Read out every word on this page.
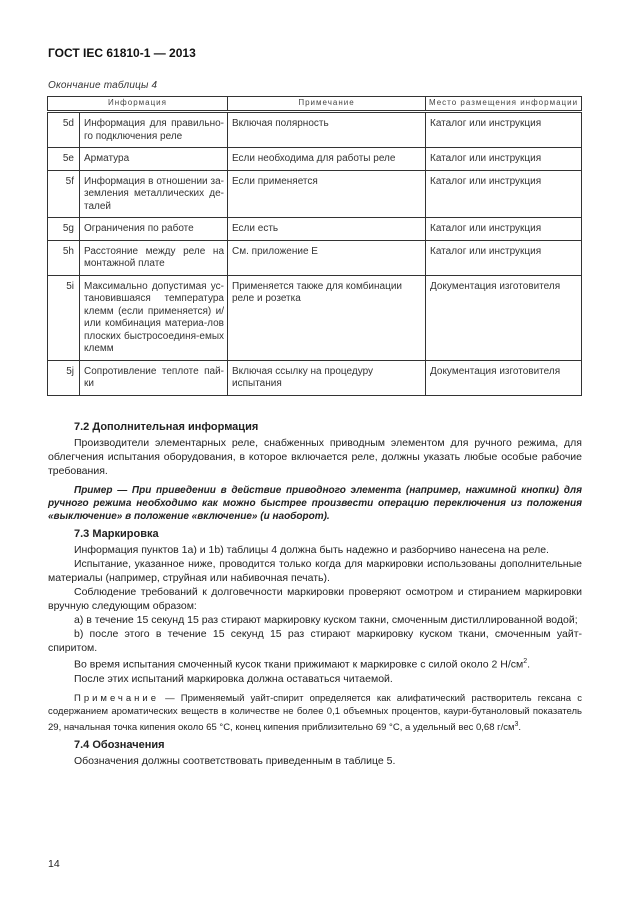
ГОСТ IEC 61810-1 — 2013
Окончание таблицы 4
Информация		Примечание	Место размещения информации
5d	Информация для правильно-го подключения реле	Включая полярность	Каталог или инструкция
5e	Арматура	Если необходима для работы реле	Каталог или инструкция
5f	Информация в отношении за-земления металлических де-талей	Если применяется	Каталог или инструкция
5g	Ограничения по работе	Если есть	Каталог или инструкция
5h	Расстояние между реле на монтажной плате	См. приложение Е	Каталог или инструкция
5i	Максимально допустимая ус-тановившаяся температура клемм (если применяется) и/или комбинация материа-лов плоских быстросоединя-емых клемм	Применяется также для комбинации реле и розетка	Документация изготовителя
5j	Сопротивление теплоте пай-ки	Включая ссылку на процедуру испытания	Документация изготовителя
7.2 Дополнительная информация

Производители элементарных реле, снабженных приводным элементом для ручного режима, для облегчения испытания оборудования, в которое включается реле, должны указать любые особые рабочие требования.

Пример — При приведении в действие приводного элемента (например, нажимной кнопки) для ручного режима необходимо как можно быстрее произвести операцию переключения из положения «выключение» в положение «включение» (и наоборот).

7.3 Маркировка

Информация пунктов 1a) и 1b) таблицы 4 должна быть надежно и разборчиво нанесена на реле.

Испытание, указанное ниже, проводится только когда для маркировки использованы дополнительные материалы (например, струйная или набивочная печать).

Соблюдение требований к долговечности маркировки проверяют осмотром и стиранием маркировки вручную следующим образом:

a) в течение 15 секунд 15 раз стирают маркировку куском такни, смоченным дистиллированной водой;

b) после этого в течение 15 секунд 15 раз стирают маркировку куском ткани, смоченным уайт-спиритом.

Во время испытания смоченный кусок ткани прижимают к маркировке с силой около 2 $Н/см^2$.

После этих испытаний маркировка должна оставаться читаемой.

Примечание — Применяемый уайт-спирит определяется как алифатический растворитель гексана с содержанием ароматических веществ в количестве не более 0,1 объемных процентов, каури-бутаноловый показатель 29, начальная точка кипения около 65 °С, конец кипения приблизительно 69 °С, а удельный вес 0,68 $г/см^3$.

7.4 Обозначения

Обозначения должны соответствовать приведенным в таблице 5.

14
